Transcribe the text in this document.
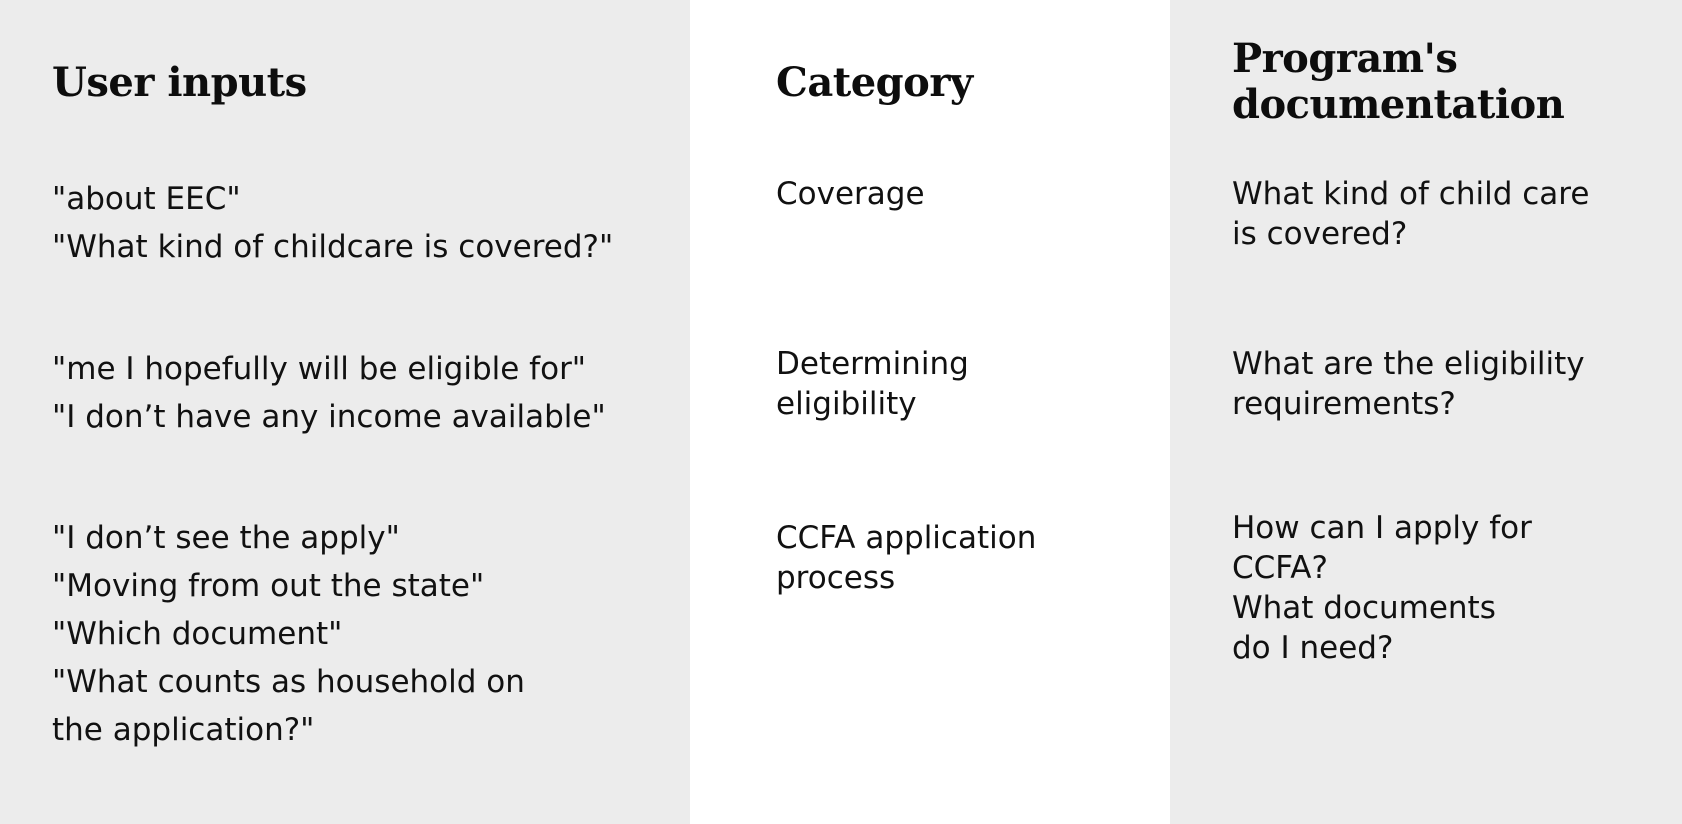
User inputs
"about EEC"
"What kind of childcare is covered?"
"me I hopefully will be eligible for"
"I don’t have any income available"
"I don’t see the apply"
"Moving from out the state"
"Which document"
"What counts as household on
the application?"
Category
Coverage
Determining
eligibility
CCFA application
process
Program's
documentation
What kind of child care
is covered?
What are the eligibility
requirements?
How can I apply for
CCFA?
What documents
do I need?
